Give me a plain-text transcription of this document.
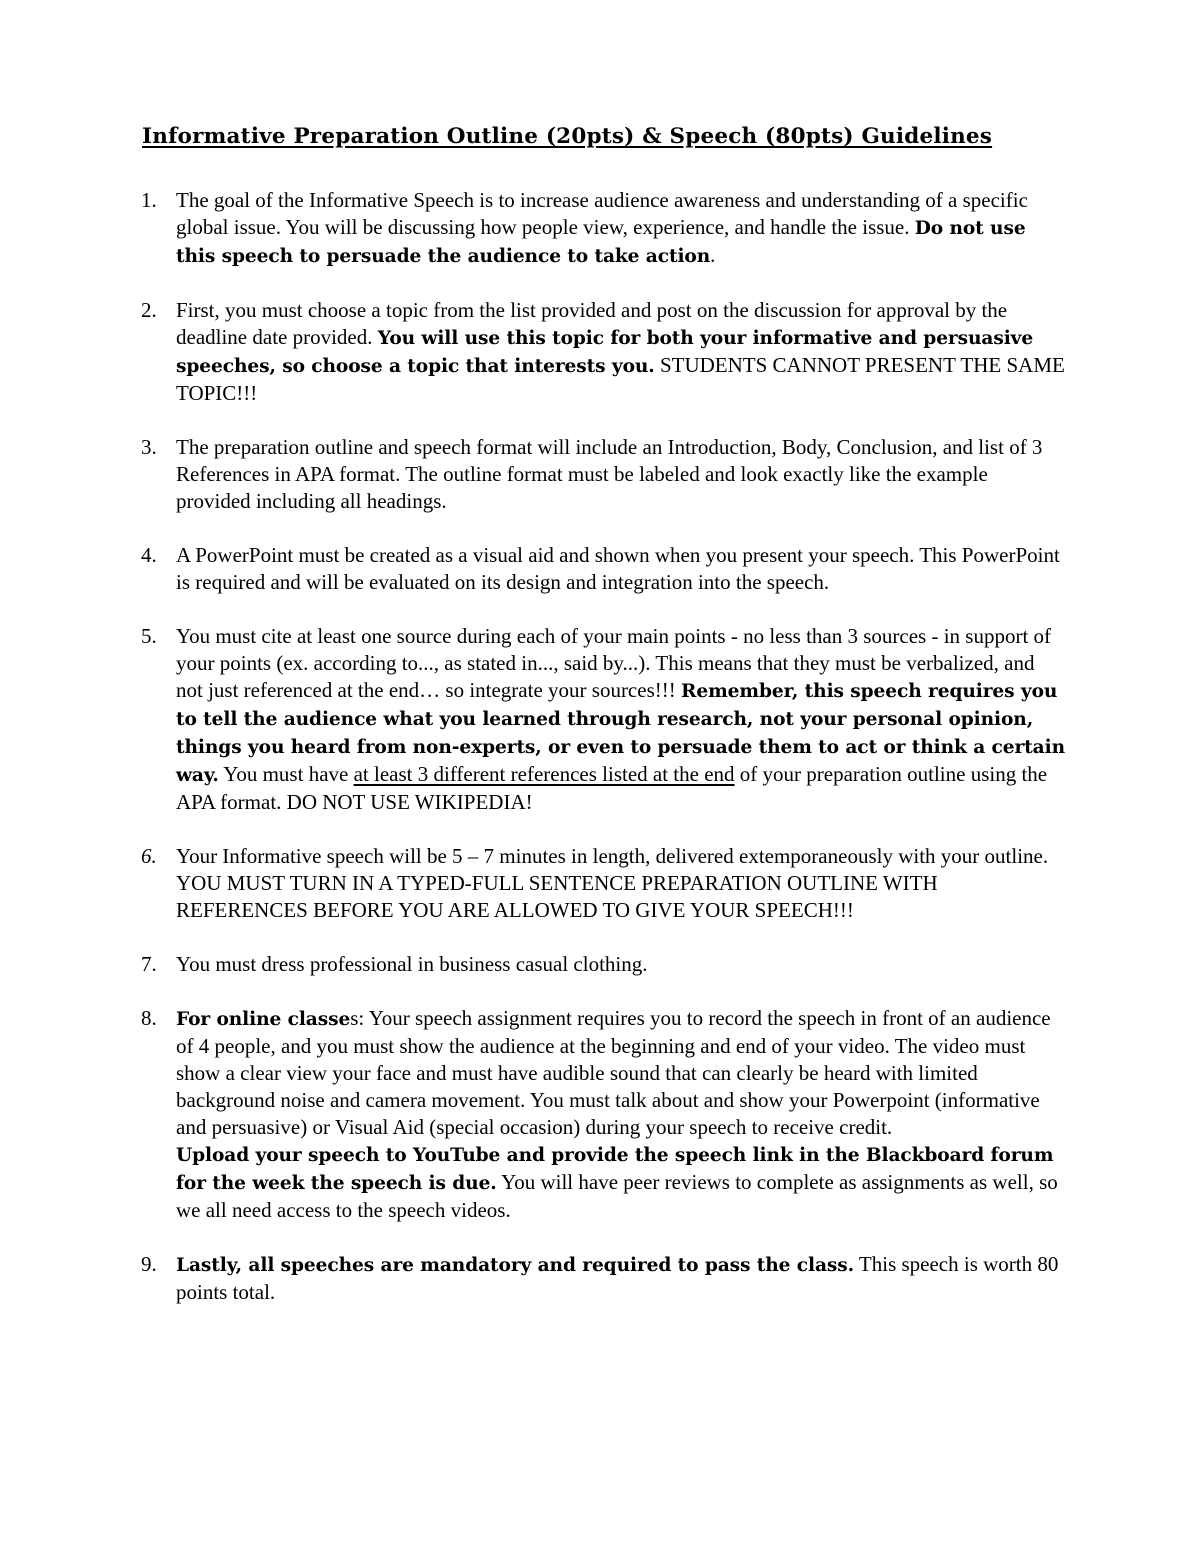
Informative Preparation Outline (20pts) & Speech (80pts) Guidelines
1. The goal of the Informative Speech is to increase audience awareness and understanding of a specific global issue. You will be discussing how people view, experience, and handle the issue. Do not use this speech to persuade the audience to take action.
2. First, you must choose a topic from the list provided and post on the discussion for approval by the deadline date provided. You will use this topic for both your informative and persuasive speeches, so choose a topic that interests you. STUDENTS CANNOT PRESENT THE SAME TOPIC!!!
3. The preparation outline and speech format will include an Introduction, Body, Conclusion, and list of 3 References in APA format. The outline format must be labeled and look exactly like the example provided including all headings.
4. A PowerPoint must be created as a visual aid and shown when you present your speech. This PowerPoint is required and will be evaluated on its design and integration into the speech.
5. You must cite at least one source during each of your main points - no less than 3 sources - in support of your points (ex. according to..., as stated in..., said by...). This means that they must be verbalized, and not just referenced at the end… so integrate your sources!!! Remember, this speech requires you to tell the audience what you learned through research, not your personal opinion, things you heard from non-experts, or even to persuade them to act or think a certain way. You must have at least 3 different references listed at the end of your preparation outline using the APA format. DO NOT USE WIKIPEDIA!
6. Your Informative speech will be 5 – 7 minutes in length, delivered extemporaneously with your outline. YOU MUST TURN IN A TYPED-FULL SENTENCE PREPARATION OUTLINE WITH REFERENCES BEFORE YOU ARE ALLOWED TO GIVE YOUR SPEECH!!!
7. You must dress professional in business casual clothing.
8. For online classes: Your speech assignment requires you to record the speech in front of an audience of 4 people, and you must show the audience at the beginning and end of your video. The video must show a clear view your face and must have audible sound that can clearly be heard with limited background noise and camera movement. You must talk about and show your Powerpoint (informative and persuasive) or Visual Aid (special occasion) during your speech to receive credit.

Upload your speech to YouTube and provide the speech link in the Blackboard forum for the week the speech is due. You will have peer reviews to complete as assignments as well, so we all need access to the speech videos.

9. Lastly, all speeches are mandatory and required to pass the class. This speech is worth 80 points total.
